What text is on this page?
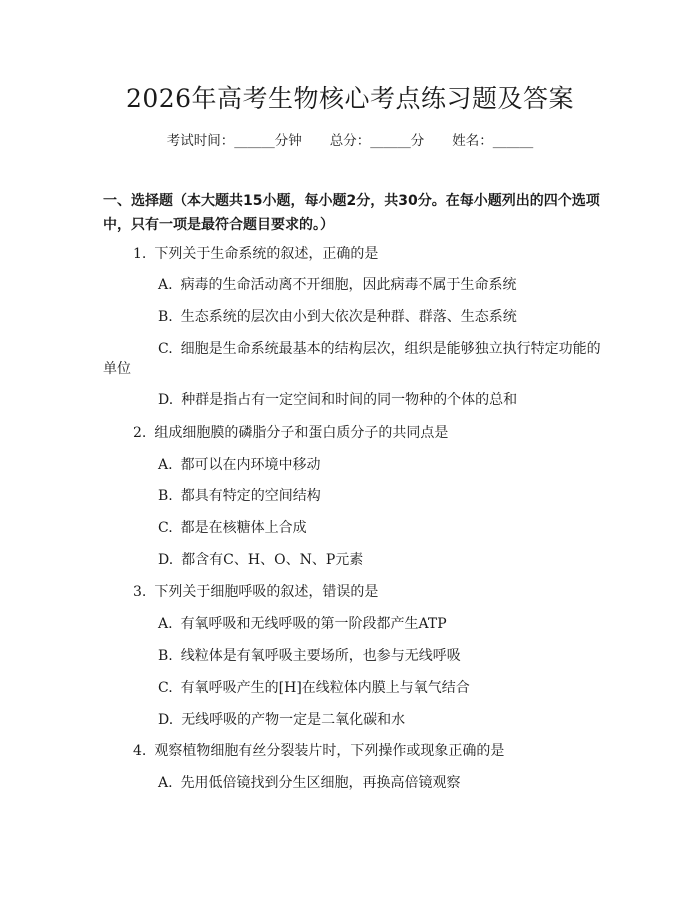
2026年高考生物核心考点练习题及答案
考试时间：______分钟 总分：______分 姓名：______
一、选择题（本大题共15小题，每小题2分，共30分。在每小题列出的四个选项中，只有一项是最符合题目要求的。）
1. 下列关于生命系统的叙述，正确的是
A. 病毒的生命活动离不开细胞，因此病毒不属于生命系统
B. 生态系统的层次由小到大依次是种群、群落、生态系统
C. 细胞是生命系统最基本的结构层次，组织是能够独立执行特定功能的
单位
D. 种群是指占有一定空间和时间的同一物种的个体的总和
2. 组成细胞膜的磷脂分子和蛋白质分子的共同点是
A. 都可以在内环境中移动
B. 都具有特定的空间结构
C. 都是在核糖体上合成
D. 都含有C、H、O、N、P元素
3. 下列关于细胞呼吸的叙述，错误的是
A. 有氧呼吸和无线呼吸的第一阶段都产生ATP
B. 线粒体是有氧呼吸主要场所，也参与无线呼吸
C. 有氧呼吸产生的[H]在线粒体内膜上与氧气结合
D. 无线呼吸的产物一定是二氧化碳和水
4. 观察植物细胞有丝分裂装片时，下列操作或现象正确的是
A. 先用低倍镜找到分生区细胞，再换高倍镜观察
